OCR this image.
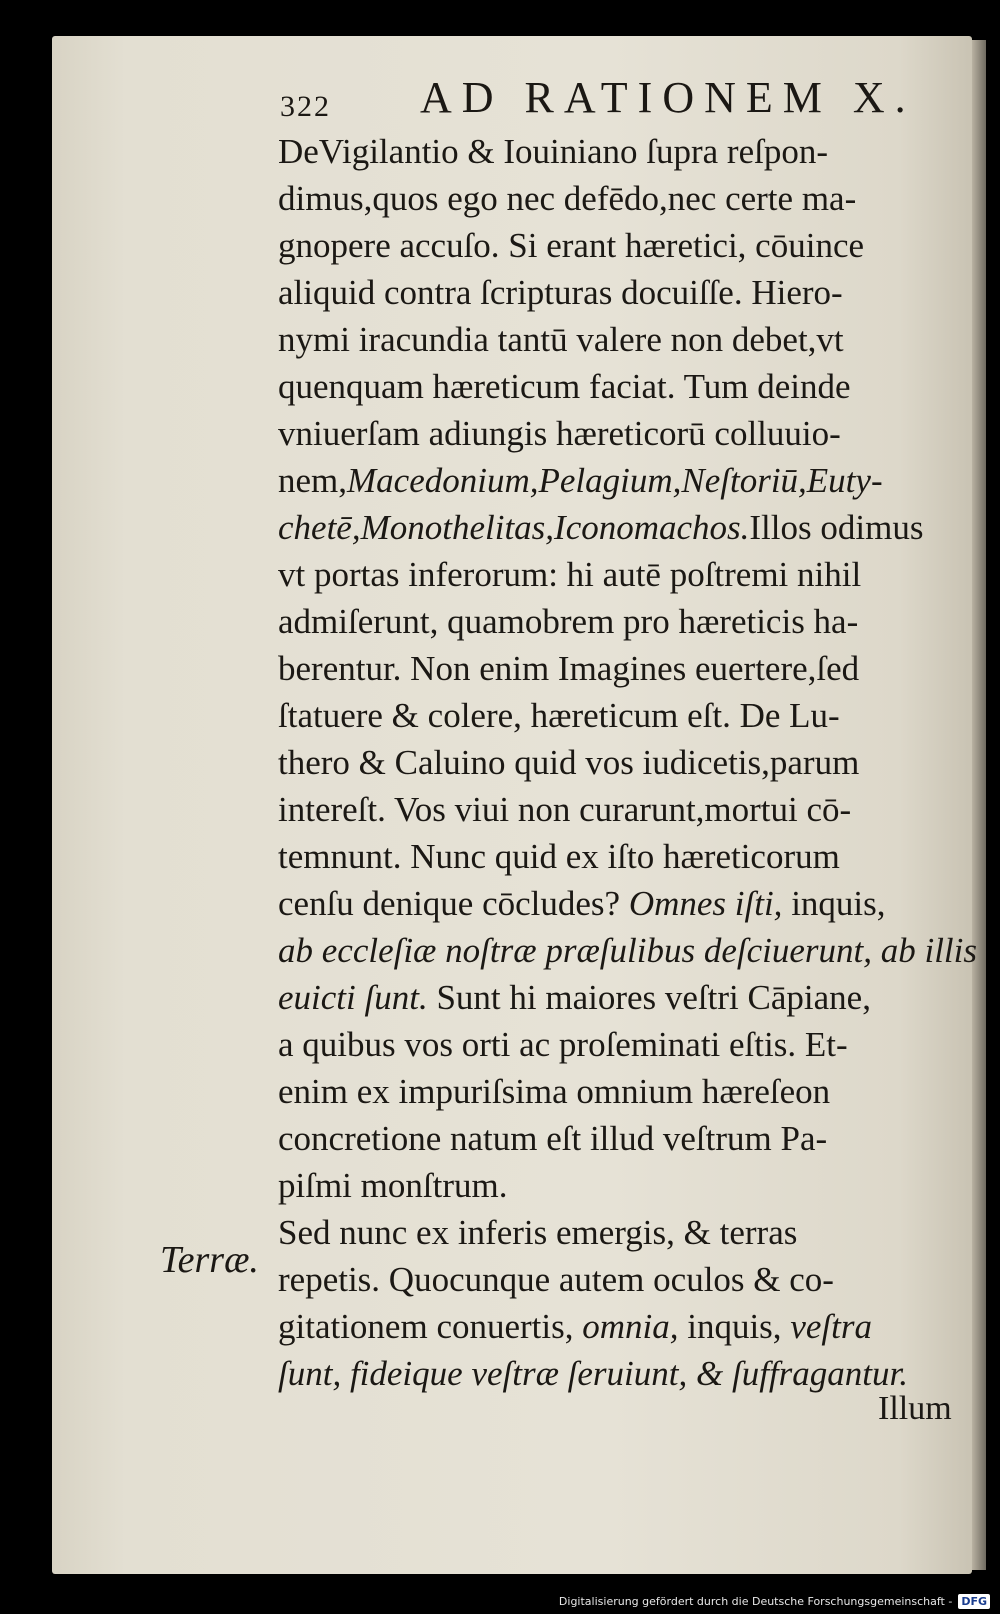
322 AD RATIONEM X.
DeVigilantio & Iouiniano ſupra reſpon-
dimus,quos ego nec defēdo,nec certe ma-
gnopere accuſo. Si erant hæretici, cōuince
aliquid contra ſcripturas docuiſſe. Hiero-
nymi iracundia tantū valere non debet,vt
quenquam hæreticum faciat. Tum deinde
vniuerſam adiungis hæreticorū colluuio-
nem,Macedonium,Pelagium,Neſtoriū,Euty-
chetē,Monothelitas,Iconomachos.Illos odimus
vt portas inferorum: hi autē poſtremi nihil
admiſerunt, quamobrem pro hæreticis ha-
berentur. Non enim Imagines euertere,ſed
ſtatuere & colere, hæreticum eſt. De Lu-
thero & Caluino quid vos iudicetis,parum
intereſt. Vos viui non curarunt,mortui cō-
temnunt. Nunc quid ex iſto hæreticorum
cenſu denique cōcludes? Omnes iſti, inquis,
ab eccleſiæ noſtræ præſulibus deſciuerunt, ab illis
euicti ſunt. Sunt hi maiores veſtri Cāpiane,
a quibus vos orti ac proſeminati eſtis. Et-
enim ex impuriſsima omnium hæreſeon
concretione natum eſt illud veſtrum Pa-
piſmi monſtrum.
Sed nunc ex inferis emergis, & terras
repetis. Quocunque autem oculos & co-
gitationem conuertis, omnia, inquis, veſtra
ſunt, fideique veſtræ ſeruiunt, & ſuffragantur.
Terræ.
Illum
Digitalisierung gefördert durch die Deutsche Forschungsgemeinschaft - DFG
